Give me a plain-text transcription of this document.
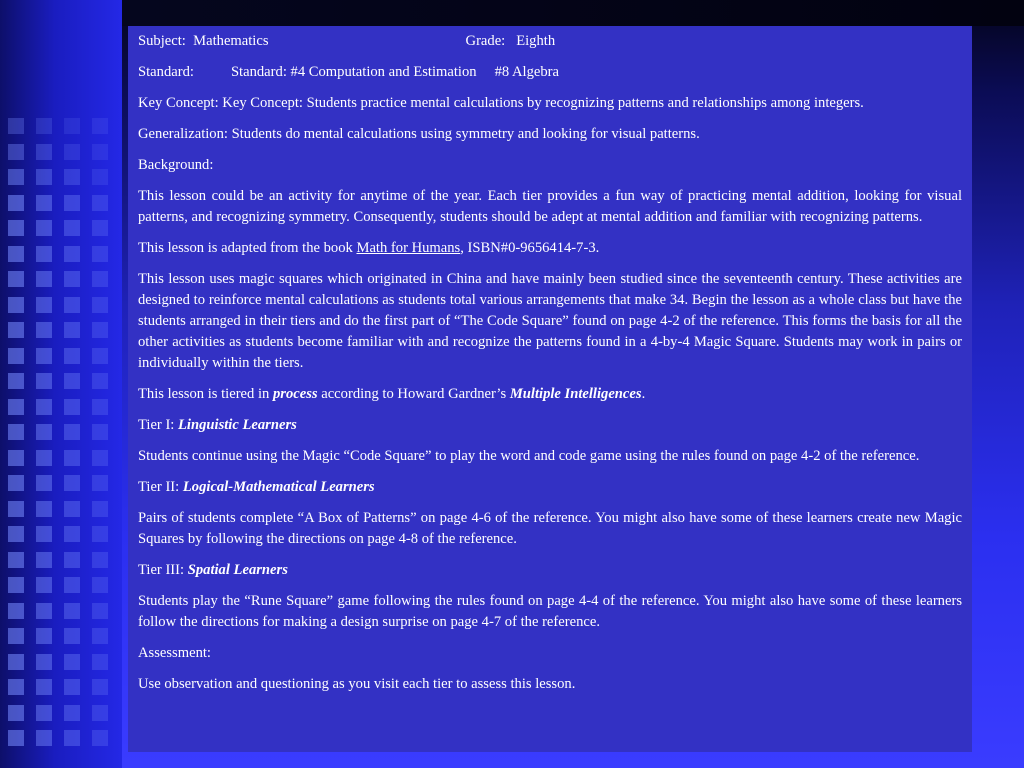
Subject: Mathematics	Grade: Eighth

Standard:	Standard: #4 Computation and Estimation #8 Algebra

Key Concept: Key Concept: Students practice mental calculations by recognizing patterns and relationships among integers.

Generalization: Students do mental calculations using symmetry and looking for visual patterns.

Background:

This lesson could be an activity for anytime of the year. Each tier provides a fun way of practicing mental addition, looking for visual patterns, and recognizing symmetry. Consequently, students should be adept at mental addition and familiar with recognizing patterns.

This lesson is adapted from the book Math for Humans, ISBN#0-9656414-7-3.

This lesson uses magic squares which originated in China and have mainly been studied since the seventeenth century. These activities are designed to reinforce mental calculations as students total various arrangements that make 34. Begin the lesson as a whole class but have the students arranged in their tiers and do the first part of “The Code Square” found on page 4-2 of the reference. This forms the basis for all the other activities as students become familiar with and recognize the patterns found in a 4-by-4 Magic Square. Students may work in pairs or individually within the tiers.

This lesson is tiered in process according to Howard Gardner’s Multiple Intelligences.

Tier I: Linguistic Learners

Students continue using the Magic “Code Square” to play the word and code game using the rules found on page 4-2 of the reference.

Tier II: Logical-Mathematical Learners

Pairs of students complete “A Box of Patterns” on page 4-6 of the reference. You might also have some of these learners create new Magic Squares by following the directions on page 4-8 of the reference.

Tier III: Spatial Learners

Students play the “Rune Square” game following the rules found on page 4-4 of the reference. You might also have some of these learners follow the directions for making a design surprise on page 4-7 of the reference.

Assessment:

Use observation and questioning as you visit each tier to assess this lesson.
